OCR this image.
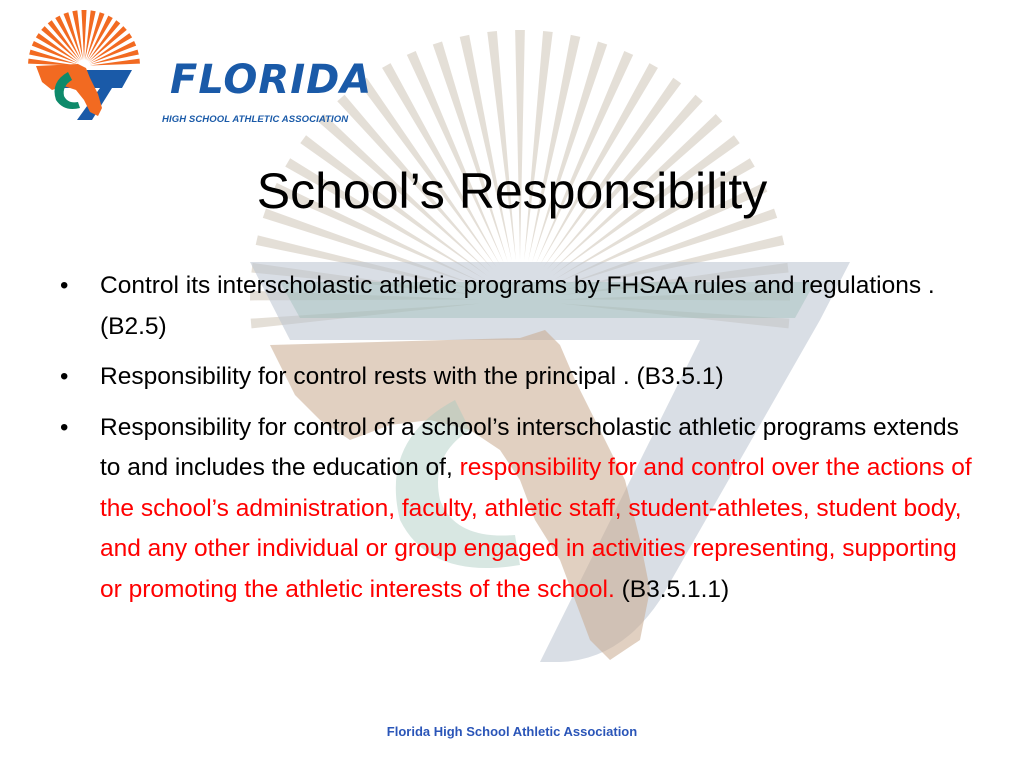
FLORIDA
HIGH SCHOOL ATHLETIC ASSOCIATION
School’s Responsibility
• Control its interscholastic athletic programs by FHSAA rules and regulations .(B2.5)
• Responsibility for control rests with the principal . (B3.5.1)
• Responsibility for control of a school’s interscholastic athletic programs extends to and includes the education of, responsibility for and control over the actions of the school’s administration, faculty, athletic staff, student-athletes, student body, and any other individual or group engaged in activities representing, supporting or promoting the athletic interests of the school. (B3.5.1.1)
Florida High School Athletic Association
